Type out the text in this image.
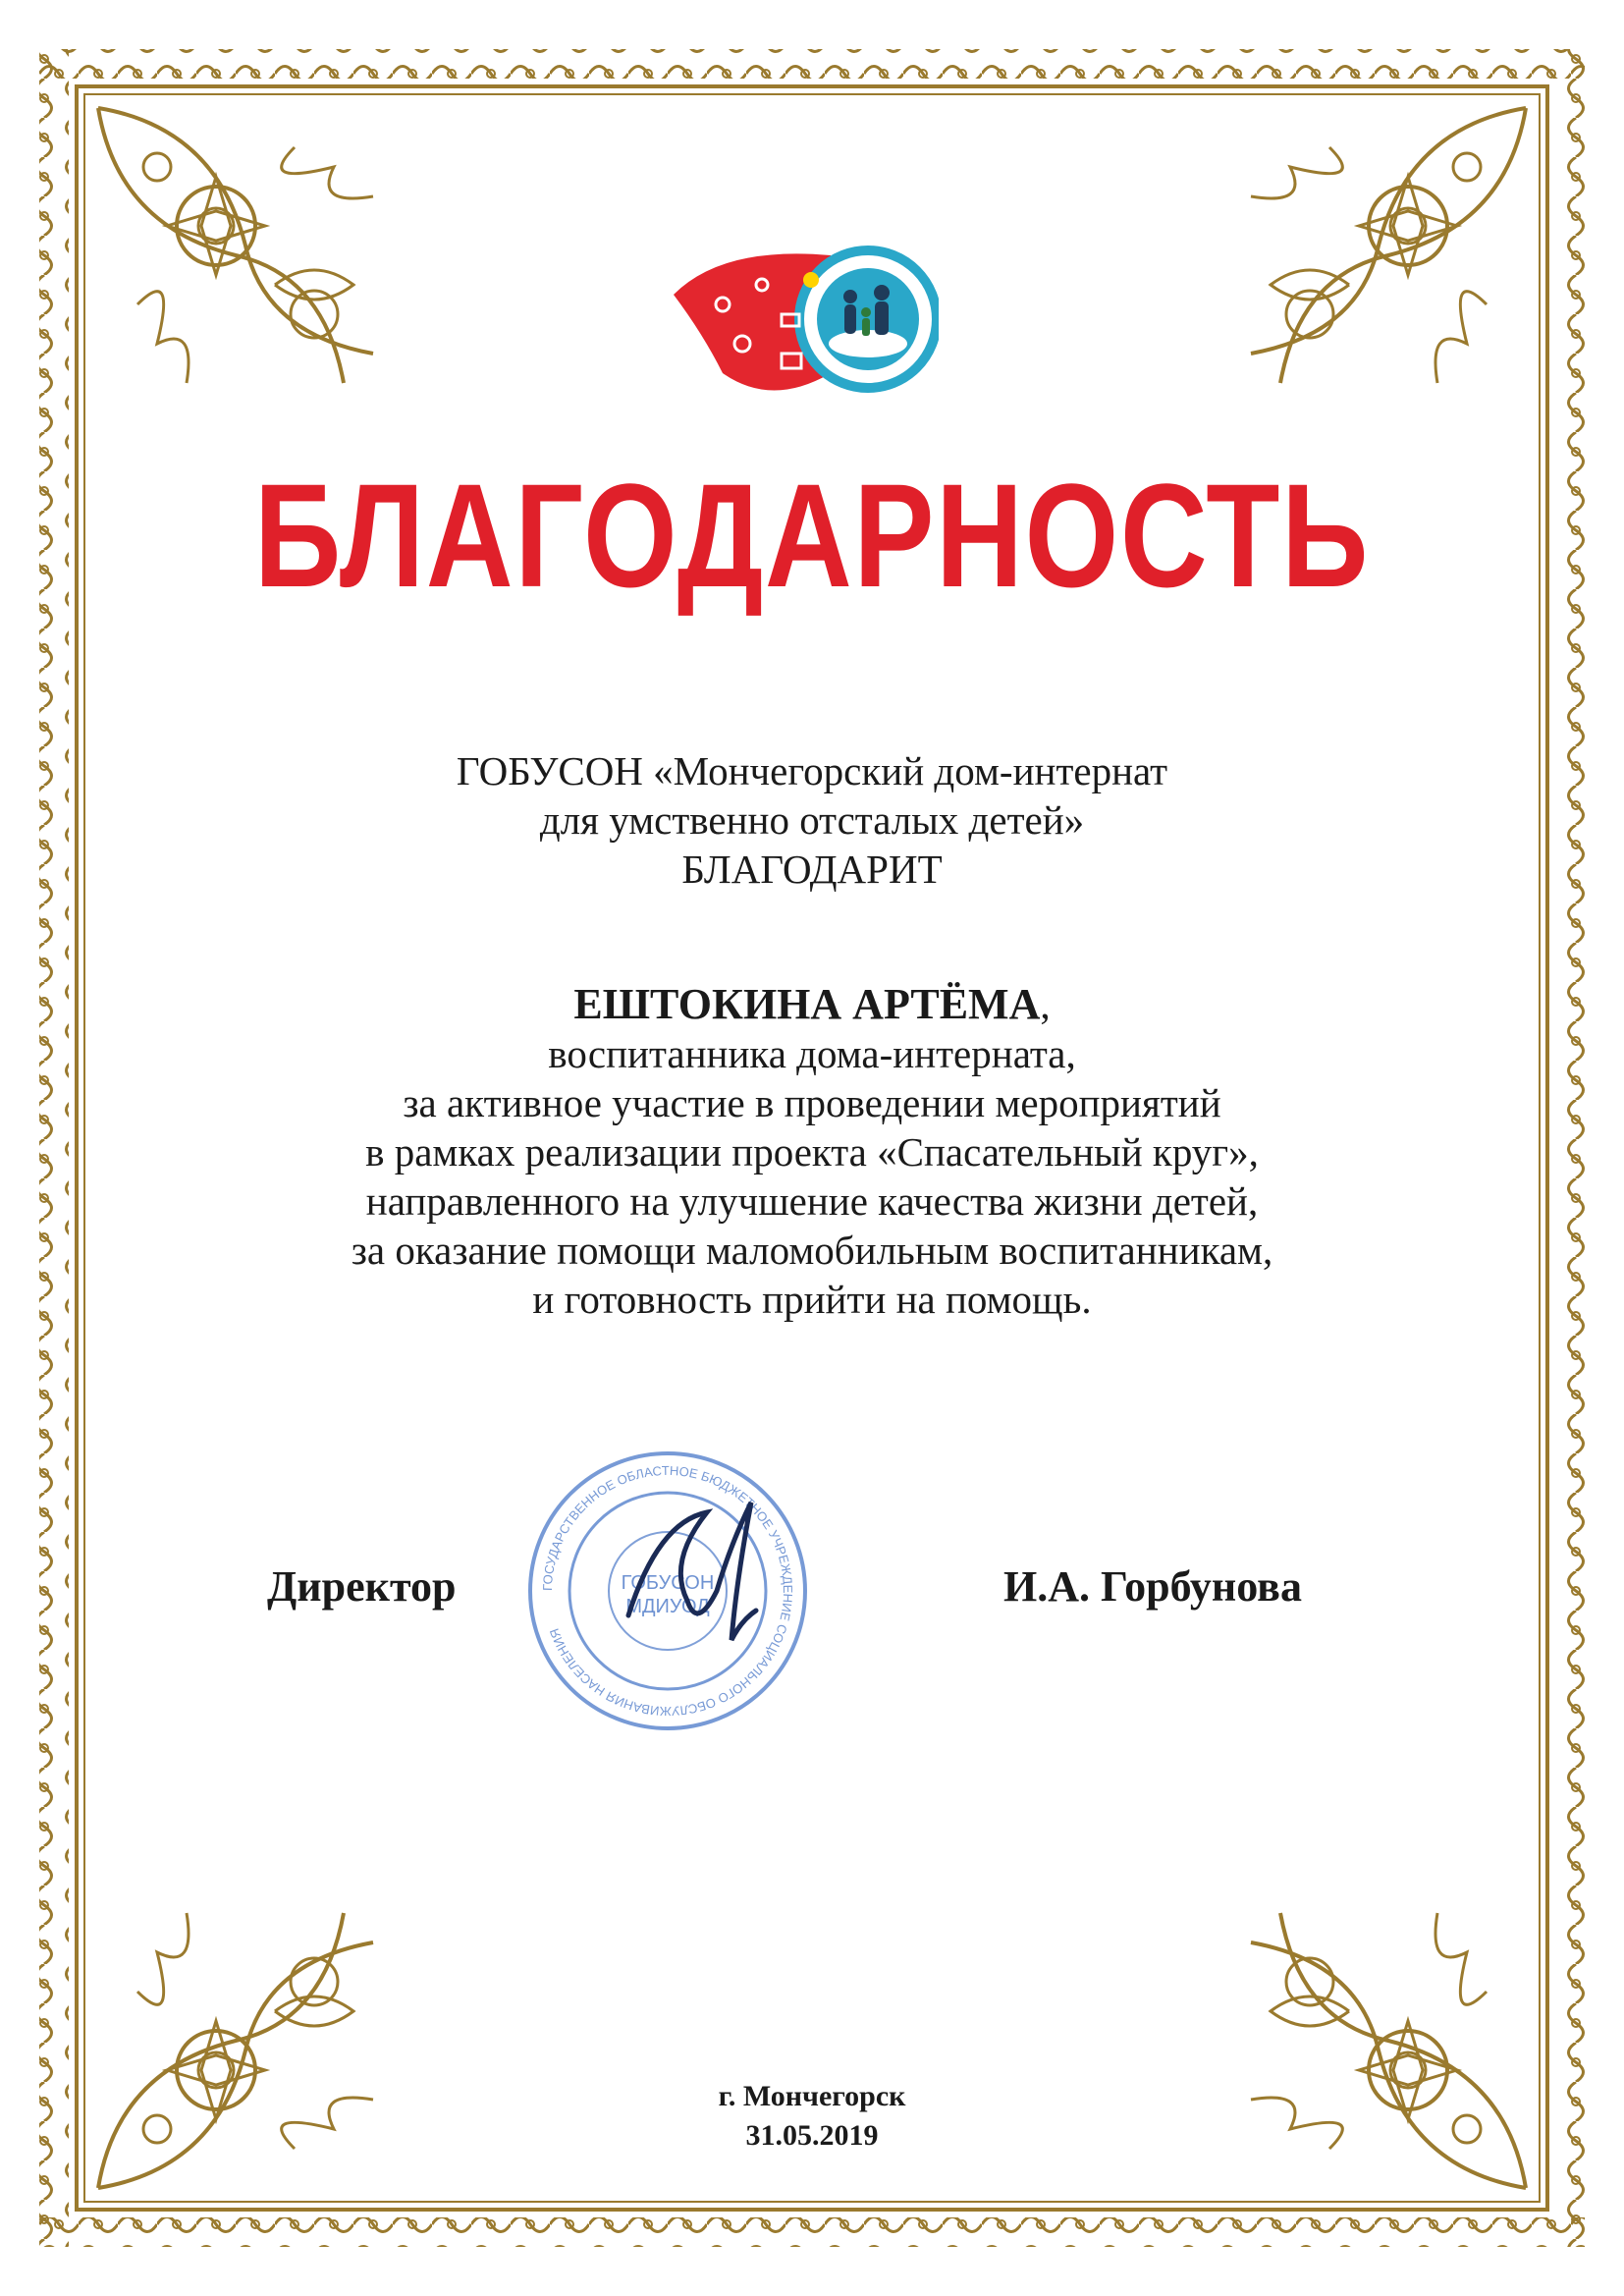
БЛАГОДАРНОСТЬ
ГОБУСОН «Мончегорский дом-интернат
для умственно отсталых детей»
БЛАГОДАРИТ
ЕШТОКИНА АРТЁМА,
воспитанника дома-интерната,
за активное участие в проведении мероприятий
в рамках реализации проекта «Спасательный круг»,
направленного на улучшение качества жизни детей,
за оказание помощи маломобильным воспитанникам,
и готовность прийти на помощь.
ГОСУДАРСТВЕННОЕ ОБЛАСТНОЕ БЮДЖЕТНОЕ УЧРЕЖДЕНИЕ СОЦИАЛЬНОГО ОБСЛУЖИВАНИЯ НАСЕЛЕНИЯ
ГОБУСОН
МДИУОД
Директор	И.А. Горбунова
г. Мончегорск
31.05.2019
